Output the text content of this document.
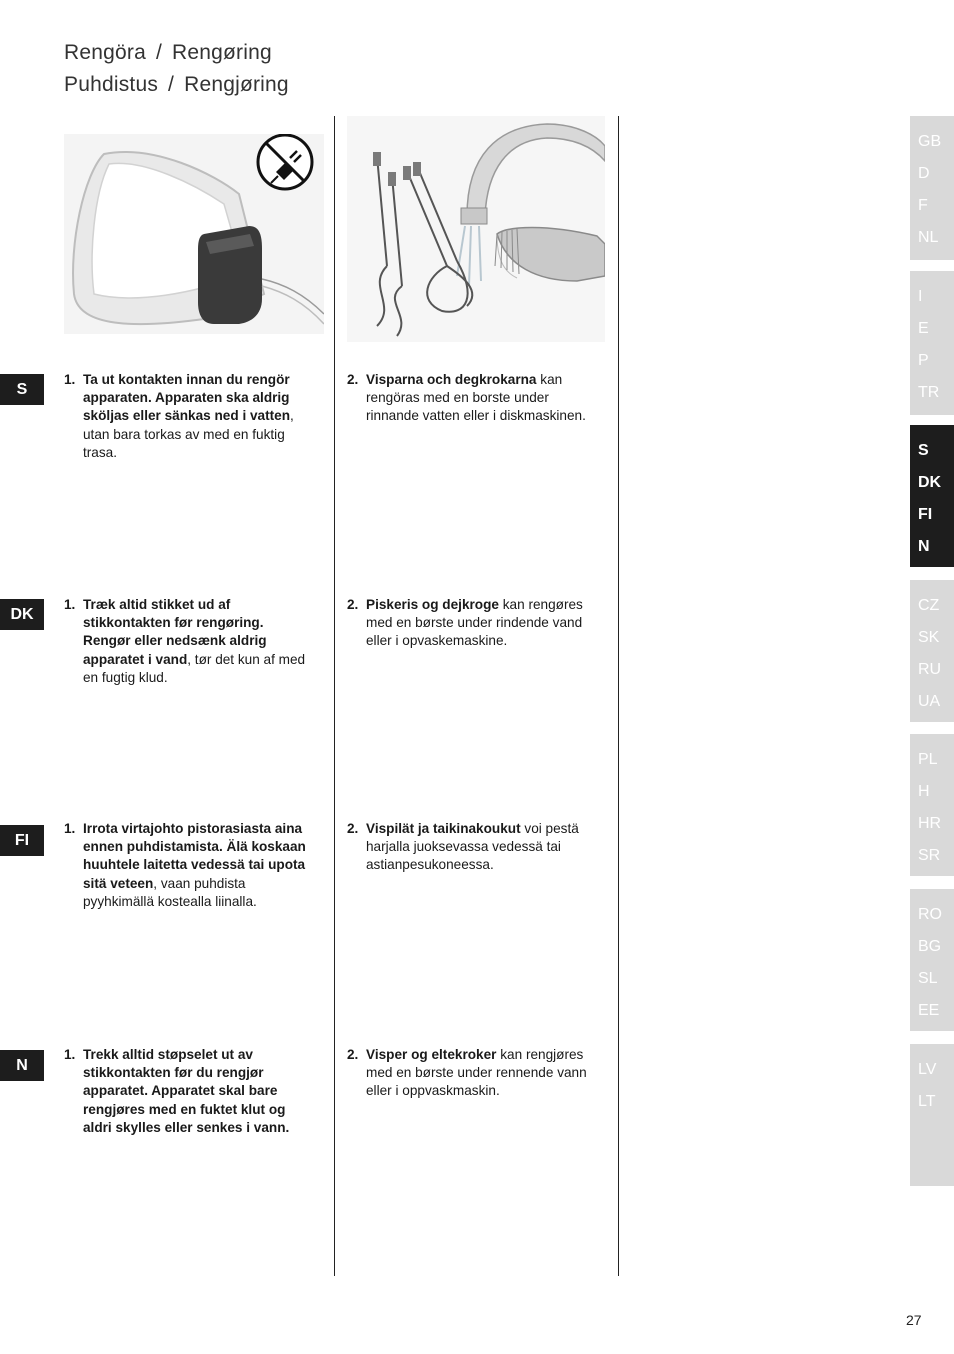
Rengöra / Rengøring
Puhdistus / Rengjøring
S
1. Ta ut kontakten innan du rengör apparaten. Apparaten ska aldrig sköljas eller sänkas ned i vatten, utan bara torkas av med en fuktig trasa.
2. Visparna och degkrokarna kan rengöras med en borste under rinnande vatten eller i diskmaskinen.
DK
1. Træk altid stikket ud af stikkontakten før rengøring. Rengør eller nedsænk aldrig apparatet i vand, tør det kun af med en fugtig klud.
2. Piskeris og dejkroge kan rengøres med en børste under rindende vand eller i opvaskemaskine.
FI
1. Irrota virtajohto pistorasiasta aina ennen puhdistamista. Älä koskaan huuhtele laitetta vedessä tai upota sitä veteen, vaan puhdista pyyhkimällä kostealla liinalla.
2. Vispilät ja taikinakoukut voi pestä harjalla juoksevassa vedessä tai astianpesukoneessa.
N
1. Trekk alltid støpselet ut av stikkontakten før du rengjør apparatet. Apparatet skal bare rengjøres med en fuktet klut og aldri skylles eller senkes i vann.
2. Visper og eltekroker kan rengjøres med en børste under rennende vann eller i oppvaskmaskin.
GB
D
F
NL
I
E
P
TR
S
DK
FI
N
CZ
SK
RU
UA
PL
H
HR
SR
RO
BG
SL
EE
LV
LT
27
